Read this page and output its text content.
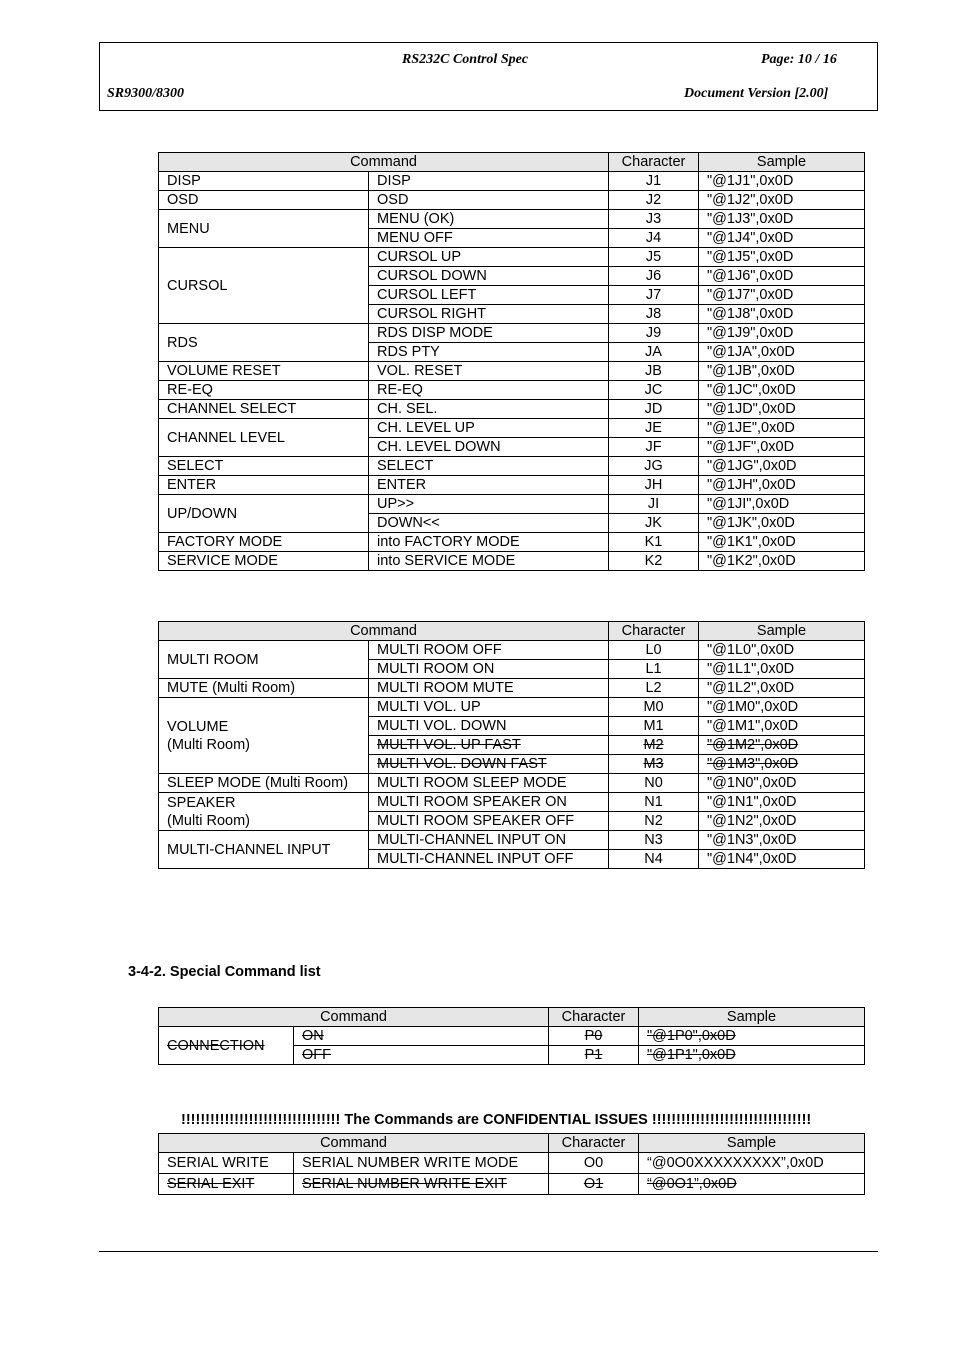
RS232C Control Spec	Page: 10 / 16
SR9300/8300	Document Version [2.00]
Command		Character	Sample
DISP	DISP	J1	"@1J1",0x0D
OSD	OSD	J2	"@1J2",0x0D
MENU	MENU (OK)	J3	"@1J3",0x0D
	MENU OFF	J4	"@1J4",0x0D
CURSOL	CURSOL UP	J5	"@1J5",0x0D
	CURSOL DOWN	J6	"@1J6",0x0D
	CURSOL LEFT	J7	"@1J7",0x0D
	CURSOL RIGHT	J8	"@1J8",0x0D
RDS	RDS DISP MODE	J9	"@1J9",0x0D
	RDS PTY	JA	"@1JA",0x0D
VOLUME RESET	VOL. RESET	JB	"@1JB",0x0D
RE-EQ	RE-EQ	JC	"@1JC",0x0D
CHANNEL SELECT	CH. SEL.	JD	"@1JD",0x0D
CHANNEL LEVEL	CH. LEVEL UP	JE	"@1JE",0x0D
	CH. LEVEL DOWN	JF	"@1JF",0x0D
SELECT	SELECT	JG	"@1JG",0x0D
ENTER	ENTER	JH	"@1JH",0x0D
UP/DOWN	UP>>	JI	"@1JI",0x0D
	DOWN<<	JK	"@1JK",0x0D
FACTORY MODE	into FACTORY MODE	K1	"@1K1",0x0D
SERVICE MODE	into SERVICE MODE	K2	"@1K2",0x0D
Command		Character	Sample
MULTI ROOM	MULTI ROOM OFF	L0	"@1L0",0x0D
	MULTI ROOM ON	L1	"@1L1",0x0D
MUTE (Multi Room)	MULTI ROOM MUTE	L2	"@1L2",0x0D

VOLUME
(Multi Room)	MULTI VOL. UP	M0	"@1M0",0x0D
	MULTI VOL. DOWN	M1	"@1M1",0x0D
	MULTI VOL. UP FAST	M2	"@1M2",0x0D
	MULTI VOL. DOWN FAST	M3	"@1M3",0x0D
SLEEP MODE (Multi Room)	MULTI ROOM SLEEP MODE	N0	"@1N0",0x0D

SPEAKER
(Multi Room)	MULTI ROOM SPEAKER ON	N1	"@1N1",0x0D
	MULTI ROOM SPEAKER OFF	N2	"@1N2",0x0D
MULTI-CHANNEL INPUT	MULTI-CHANNEL INPUT ON	N3	"@1N3",0x0D
	MULTI-CHANNEL INPUT OFF	N4	"@1N4",0x0D
3-4-2. Special Command list
Command		Character	Sample
CONNECTION	ON	P0	"@1P0",0x0D
	OFF	P1	"@1P1",0x0D
!!!!!!!!!!!!!!!!!!!!!!!!!!!!!!!!! The Commands are CONFIDENTIAL ISSUES !!!!!!!!!!!!!!!!!!!!!!!!!!!!!!!!!
Command		Character	Sample
SERIAL WRITE	SERIAL NUMBER WRITE MODE	O0	“@0O0XXXXXXXXX”,0x0D
SERIAL EXIT	SERIAL NUMBER WRITE EXIT	O1	“@0O1”,0x0D
